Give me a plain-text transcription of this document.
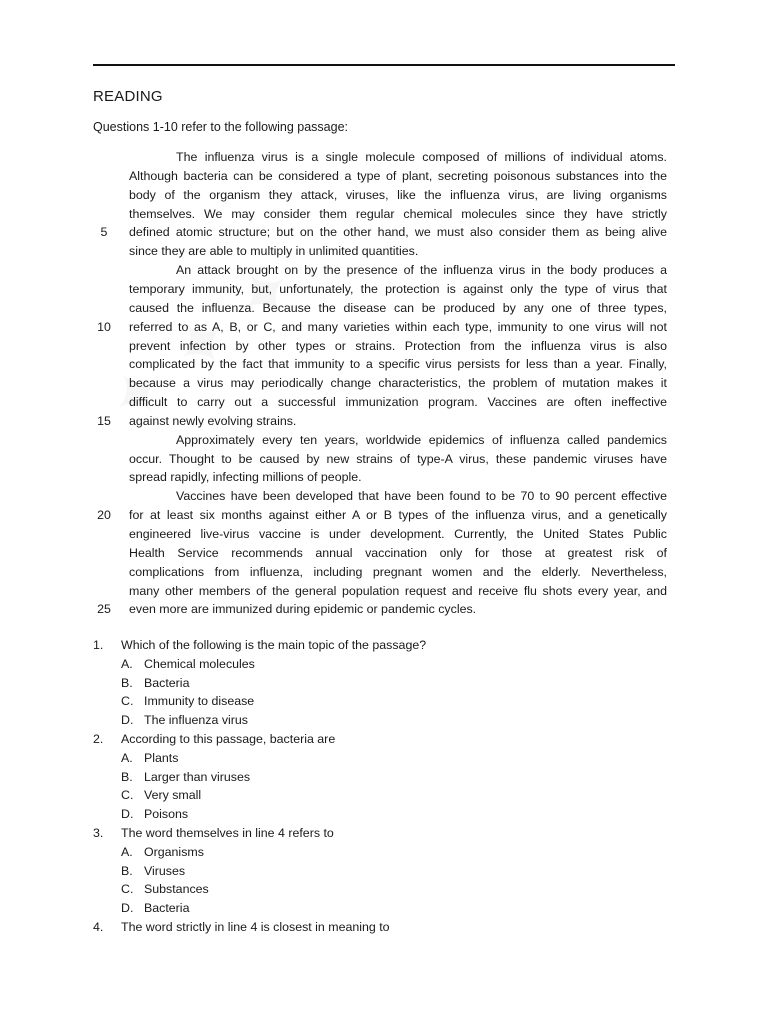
READING
Questions 1-10 refer to the following passage:
The influenza virus is a single molecule composed of millions of individual atoms.
Although bacteria can be considered a type of plant, secreting poisonous substances into the
body of the organism they attack, viruses, like the influenza virus, are living organisms
themselves. We may consider them regular chemical molecules since they have strictly
5	defined atomic structure; but on the other hand, we must also consider them as being alive
since they are able to multiply in unlimited quantities.
An attack brought on by the presence of the influenza virus in the body produces a
temporary immunity, but, unfortunately, the protection is against only the type of virus that
caused the influenza. Because the disease can be produced by any one of three types,
10 referred to as A, B, or C, and many varieties within each type, immunity to one virus will not
prevent infection by other types or strains. Protection from the influenza virus is also
complicated by the fact that immunity to a specific virus persists for less than a year. Finally,
because a virus may periodically change characteristics, the problem of mutation makes it
difficult to carry out a successful immunization program. Vaccines are often ineffective
15 against newly evolving strains.
Approximately every ten years, worldwide epidemics of influenza called pandemics
occur. Thought to be caused by new strains of type-A virus, these pandemic viruses have
spread rapidly, infecting millions of people.
Vaccines have been developed that have been found to be 70 to 90 percent effective
20 for at least six months against either A or B types of the influenza virus, and a genetically
engineered live-virus vaccine is under development. Currently, the United States Public
Health Service recommends annual vaccination only for those at greatest risk of
complications from influenza, including pregnant women and the elderly. Nevertheless,
many other members of the general population request and receive flu shots every year, and
25 even more are immunized during epidemic or pandemic cycles.
1. Which of the following is the main topic of the passage?
A. Chemical molecules
B. Bacteria
C. Immunity to disease
D. The influenza virus
2. According to this passage, bacteria are
A. Plants
B. Larger than viruses
C. Very small
D. Poisons
3. The word themselves in line 4 refers to
A. Organisms
B. Viruses
C. Substances
D. Bacteria
4. The word strictly in line 4 is closest in meaning to
